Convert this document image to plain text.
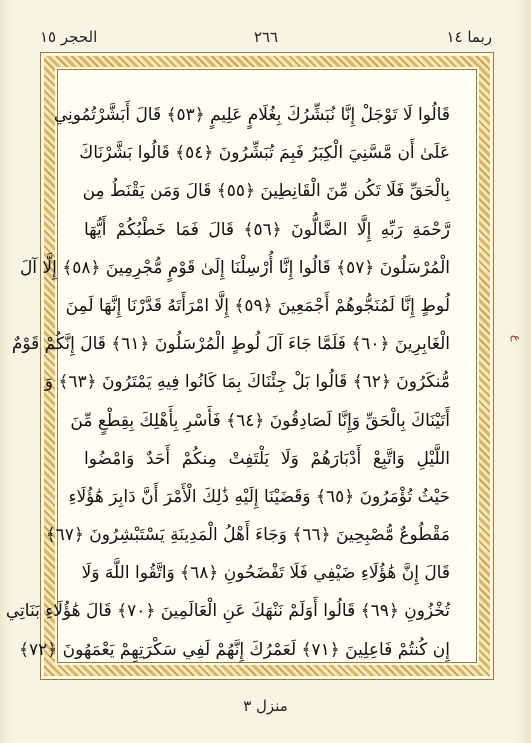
ربما ١٤
٢٦٦
الحجر ١٥
قَالُوا لَا تَوْجَلْ إِنَّا نُبَشِّرُكَ بِغُلَامٍ عَلِيمٍ ﴿٥٣﴾ قَالَ أَبَشَّرْتُمُونِي
عَلَىٰ أَن مَّسَّنِيَ الْكِبَرُ فَبِمَ تُبَشِّرُونَ ﴿٥٤﴾ قَالُوا بَشَّرْنَاكَ
بِالْحَقِّ فَلَا تَكُن مِّنَ الْقَانِطِينَ ﴿٥٥﴾ قَالَ وَمَن يَقْنَطُ مِن
رَّحْمَةِ رَبِّهِ إِلَّا الضَّالُّونَ ﴿٥٦﴾ قَالَ فَمَا خَطْبُكُمْ أَيُّهَا
الْمُرْسَلُونَ ﴿٥٧﴾ قَالُوا إِنَّا أُرْسِلْنَا إِلَىٰ قَوْمٍ مُّجْرِمِينَ ﴿٥٨﴾ إِلَّا آلَ
لُوطٍ إِنَّا لَمُنَجُّوهُمْ أَجْمَعِينَ ﴿٥٩﴾ إِلَّا امْرَأَتَهُ قَدَّرْنَا إِنَّهَا لَمِنَ
الْغَابِرِينَ ﴿٦٠﴾ فَلَمَّا جَاءَ آلَ لُوطٍ الْمُرْسَلُونَ ﴿٦١﴾ قَالَ إِنَّكُمْ قَوْمٌ
مُّنكَرُونَ ﴿٦٢﴾ قَالُوا بَلْ جِئْنَاكَ بِمَا كَانُوا فِيهِ يَمْتَرُونَ ﴿٦٣﴾ وَ
أَتَيْنَاكَ بِالْحَقِّ وَإِنَّا لَصَادِقُونَ ﴿٦٤﴾ فَأَسْرِ بِأَهْلِكَ بِقِطْعٍ مِّنَ
اللَّيْلِ وَاتَّبِعْ أَدْبَارَهُمْ وَلَا يَلْتَفِتْ مِنكُمْ أَحَدٌ وَامْضُوا
حَيْثُ تُؤْمَرُونَ ﴿٦٥﴾ وَقَضَيْنَا إِلَيْهِ ذَٰلِكَ الْأَمْرَ أَنَّ دَابِرَ هَٰؤُلَاءِ
مَقْطُوعٌ مُّصْبِحِينَ ﴿٦٦﴾ وَجَاءَ أَهْلُ الْمَدِينَةِ يَسْتَبْشِرُونَ ﴿٦٧﴾
قَالَ إِنَّ هَٰؤُلَاءِ ضَيْفِي فَلَا تَفْضَحُونِ ﴿٦٨﴾ وَاتَّقُوا اللَّهَ وَلَا
تُخْزُونِ ﴿٦٩﴾ قَالُوا أَوَلَمْ نَنْهَكَ عَنِ الْعَالَمِينَ ﴿٧٠﴾ قَالَ هَٰؤُلَاءِ بَنَاتِي
إِن كُنتُمْ فَاعِلِينَ ﴿٧١﴾ لَعَمْرُكَ إِنَّهُمْ لَفِي سَكْرَتِهِمْ يَعْمَهُونَ ﴿٧٢﴾
ع
منزل ٣
